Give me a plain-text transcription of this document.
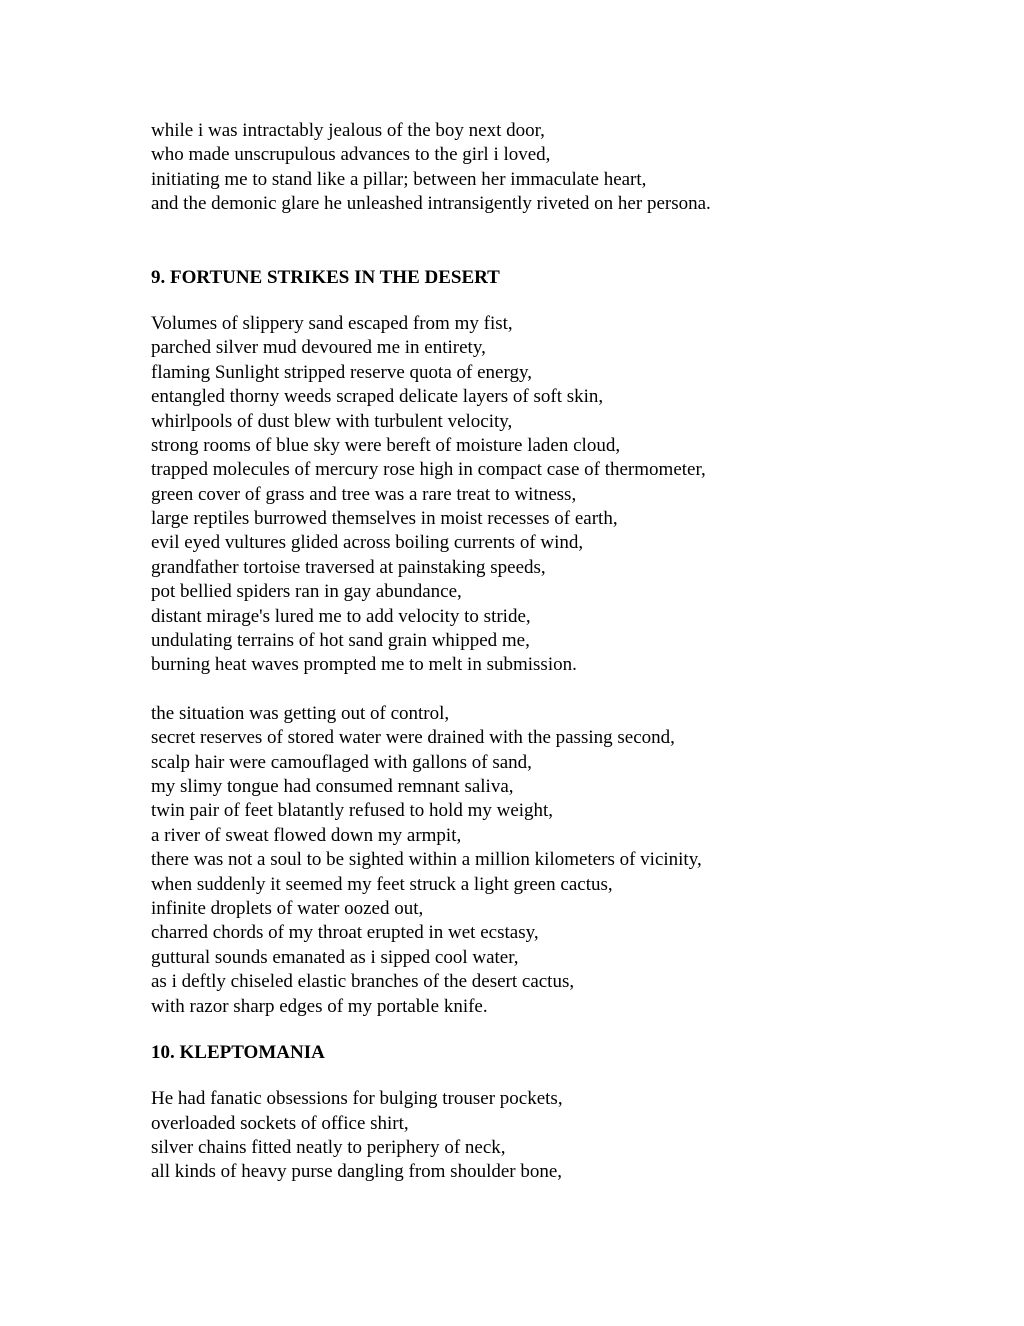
while i was intractably jealous of the boy next door,
who made unscrupulous advances to the girl i loved,
initiating me to stand like a pillar; between her immaculate heart,
and the demonic glare he unleashed intransigently riveted on her persona.
9. FORTUNE STRIKES IN THE DESERT
Volumes of slippery sand escaped from my fist,
parched silver mud devoured me in entirety,
flaming Sunlight stripped reserve quota of energy,
entangled thorny weeds scraped delicate layers of soft skin,
whirlpools of dust blew with turbulent velocity,
strong rooms of blue sky were bereft of moisture laden cloud,
trapped molecules of mercury rose high in compact case of thermometer,
green cover of grass and tree was a rare treat to witness,
large reptiles burrowed themselves in moist recesses of earth,
evil eyed vultures glided across boiling currents of wind,
grandfather tortoise traversed at painstaking speeds,
pot bellied spiders ran in gay abundance,
distant mirage's lured me to add velocity to stride,
undulating terrains of hot sand grain whipped me,
burning heat waves prompted me to melt in submission.
the situation was getting out of control,
secret reserves of stored water were drained with the passing second,
scalp hair were camouflaged with gallons of sand,
my slimy tongue had consumed remnant saliva,
twin pair of feet blatantly refused to hold my weight,
a river of sweat flowed down my armpit,
there was not a soul to be sighted within a million kilometers of vicinity,
when suddenly it seemed my feet struck a light green cactus,
infinite droplets of water oozed out,
charred chords of my throat erupted in wet ecstasy,
guttural sounds emanated as i sipped cool water,
as i deftly chiseled elastic branches of the desert cactus,
with razor sharp edges of my portable knife.
10. KLEPTOMANIA
He had fanatic obsessions for bulging trouser pockets,
overloaded sockets of office shirt,
silver chains fitted neatly to periphery of neck,
all kinds of heavy purse dangling from shoulder bone,
